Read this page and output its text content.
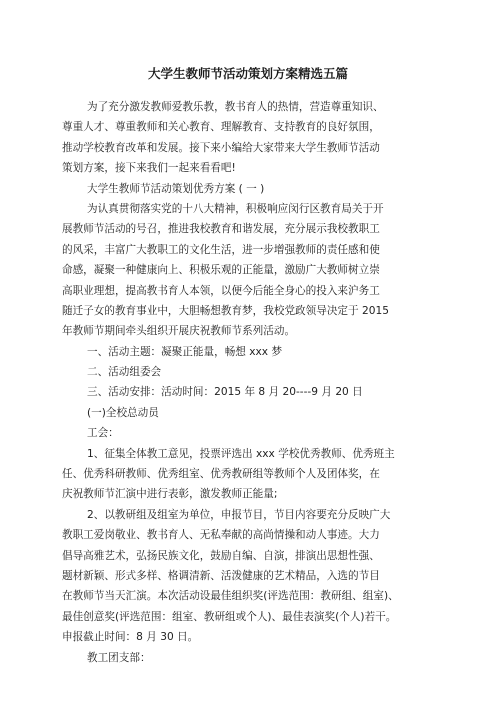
大学生教师节活动策划方案精选五篇
为了充分激发教师爱教乐教，教书育人的热情，营造尊重知识、
尊重人才、尊重教师和关心教育、理解教育、支持教育的良好氛围，
推动学校教育改革和发展。接下来小编给大家带来大学生教师节活动
策划方案，接下来我们一起来看看吧!
大学生教师节活动策划优秀方案 ( 一 )
为认真贯彻落实党的十八大精神，积极响应闵行区教育局关于开
展教师节活动的号召，推进我校教育和谐发展，充分展示我校教职工
的风采，丰富广大教职工的文化生活，进一步增强教师的责任感和使
命感，凝聚一种健康向上、积极乐观的正能量，激励广大教师树立崇
高职业理想，提高教书育人本领，以便今后能全身心的投入来沪务工
随迁子女的教育事业中，大胆畅想教育梦，我校党政领导决定于 2015
年教师节期间牵头组织开展庆祝教师节系列活动。
一、活动主题：凝聚正能量，畅想 xxx 梦
二、活动组委会
三、活动安排：活动时间：2015 年 8 月 20----9 月 20 日
(一)全校总动员
工会：
1、征集全体教工意见，投票评选出 xxx 学校优秀教师、优秀班主
任、优秀科研教师、优秀组室、优秀教研组等教师个人及团体奖，在
庆祝教师节汇演中进行表彰，激发教师正能量;
2、以教研组及组室为单位，申报节目，节目内容要充分反映广大
教职工爱岗敬业、教书育人、无私奉献的高尚情操和动人事迹。大力
倡导高雅艺术，弘扬民族文化，鼓励自编、自演，排演出思想性强、
题材新颖、形式多样、格调清新、活泼健康的艺术精品，入选的节目
在教师节当天汇演。本次活动设最佳组织奖(评选范围：教研组、组室)、
最佳创意奖(评选范围：组室、教研组或个人)、最佳表演奖(个人)若干。
申报截止时间：8 月 30 日。
教工团支部：
